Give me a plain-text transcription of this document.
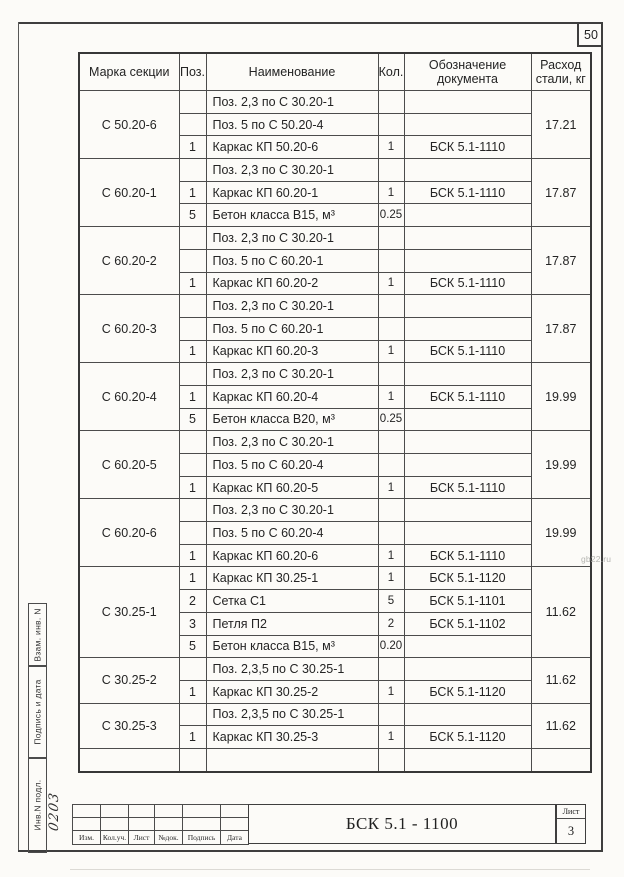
50
Марка секции	Поз.	Наименование	Кол.	Обозначение документа	Расход стали, кг
С 50.20-6		Поз. 2,3 по С 30.20-1			17.21
		Поз. 5 по С 50.20-4			
	1	Каркас КП 50.20-6	1	БСК 5.1-1110	
С 60.20-1		Поз. 2,3 по С 30.20-1			17.87
	1	Каркас КП 60.20-1	1	БСК 5.1-1110	
	5	Бетон класса В15, м³	0.25		
С 60.20-2		Поз. 2,3 по С 30.20-1			17.87
		Поз. 5 по С 60.20-1			
	1	Каркас КП 60.20-2	1	БСК 5.1-1110	
С 60.20-3		Поз. 2,3 по С 30.20-1			17.87
		Поз. 5 по С 60.20-1			
	1	Каркас КП 60.20-3	1	БСК 5.1-1110	
С 60.20-4		Поз. 2,3 по С 30.20-1			19.99
	1	Каркас КП 60.20-4	1	БСК 5.1-1110	
	5	Бетон класса В20, м³	0.25		
С 60.20-5		Поз. 2,3 по С 30.20-1			19.99
		Поз. 5 по С 60.20-4			
	1	Каркас КП 60.20-5	1	БСК 5.1-1110	
С 60.20-6		Поз. 2,3 по С 30.20-1			19.99
		Поз. 5 по С 60.20-4			
	1	Каркас КП 60.20-6	1	БСК 5.1-1110	
С 30.25-1	1	Каркас КП 30.25-1	1	БСК 5.1-1120	11.62
	2	Сетка С1	5	БСК 5.1-1101	
	3	Петля П2	2	БСК 5.1-1102	
	5	Бетон класса В15, м³	0.20		
С 30.25-2		Поз. 2,3,5 по С 30.25-1			11.62
	1	Каркас КП 30.25-2	1	БСК 5.1-1120	
С 30.25-3		Поз. 2,3,5 по С 30.25-1			11.62
	1	Каркас КП 30.25-3	1	БСК 5.1-1120	

Взам. инв. N
Подпись и дата
Инв.N подл. 0203

Изм.	Кол.уч.	Лист	№док.	Подпись	Дата
БСК 5.1 - 1100
Лист
3
gb22.ru
